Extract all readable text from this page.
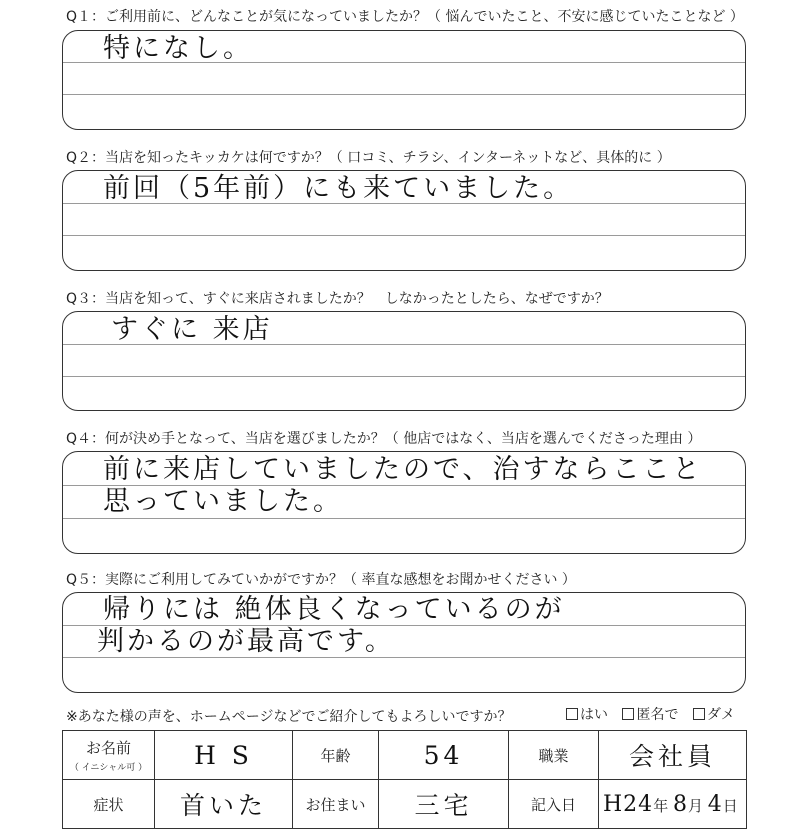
Q１：ご利用前に、どんなことが気になっていましたか？（ 悩んでいたこと、不安に感じていたことなど ）
特になし。
Q２：当店を知ったキッカケは何ですか？（ 口コミ、チラシ、インターネットなど、具体的に ）
前回（5年前）にも来ていました。
Q３：当店を知って、すぐに来店されましたか？　しなかったとしたら、なぜですか？
すぐに 来店
Q４：何が決め手となって、当店を選びましたか？（ 他店ではなく、当店を選んでくださった理由 ）
前に来店していましたので、治すならここと
思っていました。
Q５：実際にご利用してみていかがですか？（ 率直な感想をお聞かせください ）
帰りには 絶体良くなっているのが
判かるのが最高です。
※あなた様の声を、ホームページなどでご紹介してもよろしいですか？	はい 匿名で ダメ
お名前
（ イニシャル可 ）	H S	年齢	54	職業	会社員
症状	首いた	お住まい	三宅	記入日	H24年 8月 4日
